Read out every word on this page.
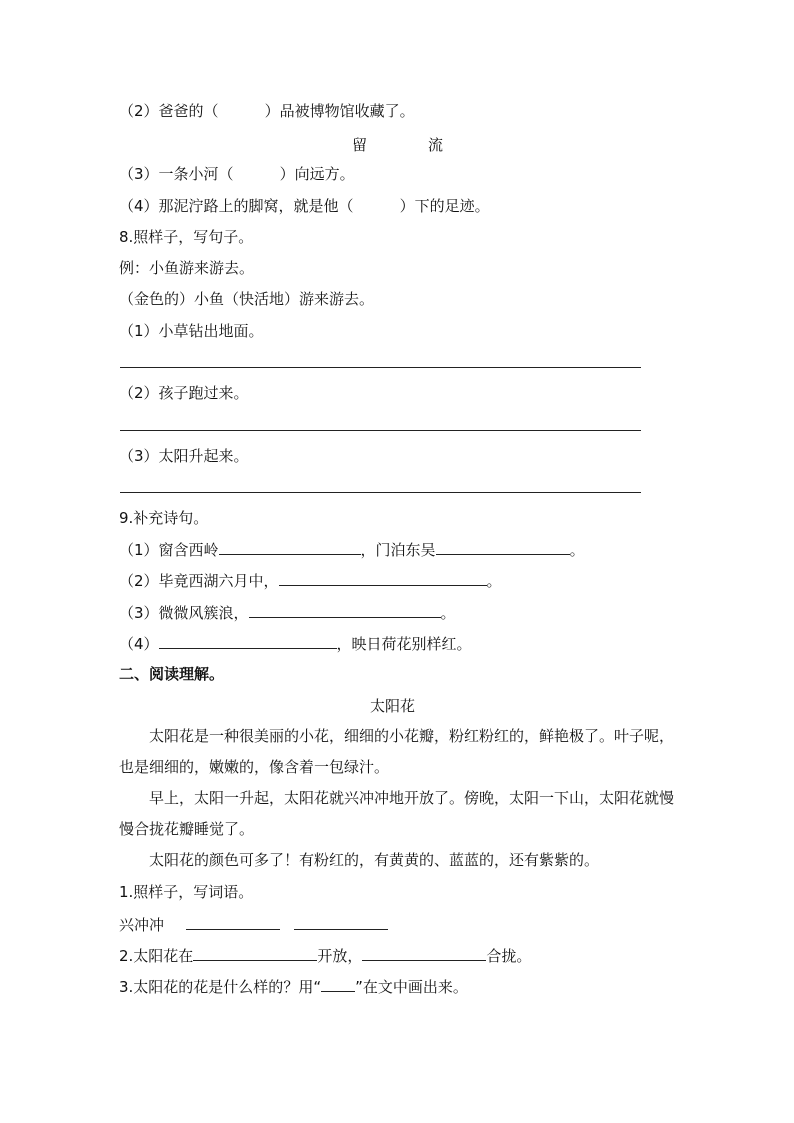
（2）爸爸的（	）品被博物馆收藏了。
留	流
（3）一条小河（	）向远方。
（4）那泥泞路上的脚窝，就是他（	）下的足迹。
8.照样子，写句子。
例：小鱼游来游去。
（金色的）小鱼（快活地）游来游去。
（1）小草钻出地面。
（2）孩子跑过来。
（3）太阳升起来。
9.补充诗句。
（1）窗含西岭	，门泊东吴	。
（2）毕竟西湖六月中，	。
（3）微微风簇浪，	。
（4）	，映日荷花别样红。
二、阅读理解。
太阳花
太阳花是一种很美丽的小花，细细的小花瓣，粉红粉红的，鲜艳极了。叶子呢，也是细细的，嫩嫩的，像含着一包绿汁。
早上，太阳一升起，太阳花就兴冲冲地开放了。傍晚，太阳一下山，太阳花就慢慢合拢花瓣睡觉了。
太阳花的颜色可多了！有粉红的，有黄黄的、蓝蓝的，还有紫紫的。
1.照样子，写词语。
兴冲冲
2.太阳花在	开放，	合拢。
3.太阳花的花是什么样的？用“ ”在文中画出来。
